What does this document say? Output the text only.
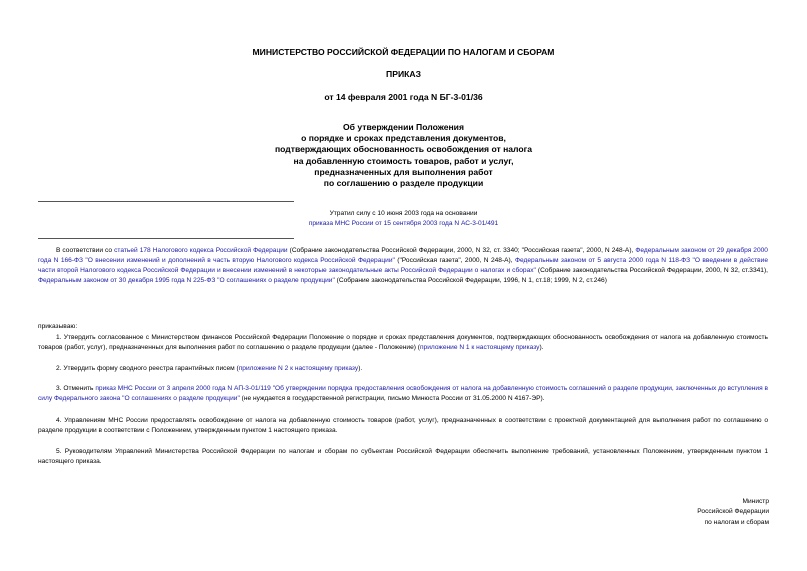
МИНИСТЕРСТВО РОССИЙСКОЙ ФЕДЕРАЦИИ ПО НАЛОГАМ И СБОРАМ
ПРИКАЗ
от 14 февраля 2001 года N БГ-3-01/36
Об утверждении Положения
о порядке и сроках представления документов,
подтверждающих обоснованность освобождения от налога
на добавленную стоимость товаров, работ и услуг,
предназначенных для выполнения работ
по соглашению о разделе продукции
Утратил силу с 10 июня 2003 года на основании
приказа МНС России от 15 сентября 2003 года N АС-3-01/491
В соответствии со статьей 178 Налогового кодекса Российской Федерации (Собрание законодательства Российской Федерации, 2000, N 32, ст. 3340; "Российская газета", 2000, N 248-А), Федеральным законом от 29 декабря 2000 года N 166-ФЗ "О внесении изменений и дополнений в часть вторую Налогового кодекса Российской Федерации" ("Российская газета", 2000, N 248-А), Федеральным законом от 5 августа 2000 года N 118-ФЗ "О введении в действие части второй Налогового кодекса Российской Федерации и внесении изменений в некоторые законодательные акты Российской Федерации о налогах и сборах" (Собрание законодательства Российской Федерации, 2000, N 32, ст.3341), Федеральным законом от 30 декабря 1995 года N 225-ФЗ "О соглашениях о разделе продукции" (Собрание законодательства Российской Федерации, 1996, N 1, ст.18; 1999, N 2, ст.246)
приказываю:
1. Утвердить согласованное с Министерством финансов Российской Федерации Положение о порядке и сроках представления документов, подтверждающих обоснованность освобождения от налога на добавленную стоимость товаров (работ, услуг), предназначенных для выполнения работ по соглашению о разделе продукции (далее - Положение) (приложение N 1 к настоящему приказу).
2. Утвердить форму сводного реестра гарантийных писем (приложение N 2 к настоящему приказу).
3. Отменить приказ МНС России от 3 апреля 2000 года N АП-3-01/119 "Об утверждении порядка предоставления освобождения от налога на добавленную стоимость соглашений о разделе продукции, заключенных до вступления в силу Федерального закона "О соглашениях о разделе продукции" (не нуждается в государственной регистрации, письмо Минюста России от 31.05.2000 N 4167-ЭР).
4. Управлениям МНС России предоставлять освобождение от налога на добавленную стоимость товаров (работ, услуг), предназначенных в соответствии с проектной документацией для выполнения работ по соглашению о разделе продукции в соответствии с Положением, утвержденным пунктом 1 настоящего приказа.
5. Руководителям Управлений Министерства Российской Федерации по налогам и сборам по субъектам Российской Федерации обеспечить выполнение требований, установленных Положением, утвержденным пунктом 1 настоящего приказа.
Министр
Российской Федерации
по налогам и сборам
